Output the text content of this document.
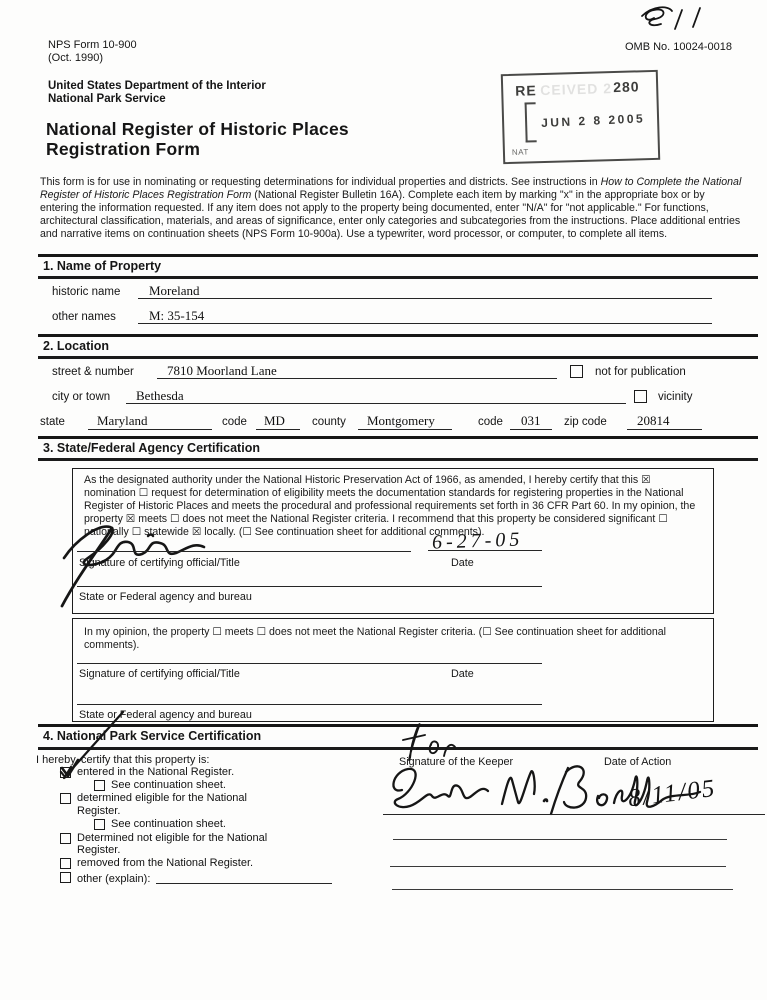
NPS Form 10-900
(Oct. 1990)
OMB No. 10024-0018
United States Department of the Interior
National Park Service
National Register of Historic Places
Registration Form
RE CEIVED 2 280
JUN 2 8 2005
NAT
This form is for use in nominating or requesting determinations for individual properties and districts. See instructions in How to Complete the National Register of Historic Places Registration Form (National Register Bulletin 16A). Complete each item by marking "x" in the appropriate box or by entering the information requested. If any item does not apply to the property being documented, enter "N/A" for "not applicable." For functions, architectural classification, materials, and areas of significance, enter only categories and subcategories from the instructions. Place additional entries and narrative items on continuation sheets (NPS Form 10-900a). Use a typewriter, word processor, or computer, to complete all items.
1. Name of Property
historic name Moreland
other names	M: 35-154
2. Location
street & number	7810 Moorland Lane	not for publication
city or town Bethesda	vicinity
state Maryland	code MD county Montgomery	code 031 zip code 20814
3. State/Federal Agency Certification
As the designated authority under the National Historic Preservation Act of 1966, as amended, I hereby certify that this ☒ nomination ☐ request for determination of eligibility meets the documentation standards for registering properties in the National Register of Historic Places and meets the procedural and professional requirements set forth in 36 CFR Part 60. In my opinion, the property ☒ meets ☐ does not meet the National Register criteria. I recommend that this property be considered significant ☐ nationally ☐ statewide ☒ locally. (☐ See continuation sheet for additional comments).
6-27-05
Signature of certifying official/Title	Date
State or Federal agency and bureau
In my opinion, the property ☐ meets ☐ does not meet the National Register criteria. (☐ See continuation sheet for additional comments).
Signature of certifying official/Title	Date
State or Federal agency and bureau
4. National Park Service Certification
I hereby, certify that this property is:
entered in the National Register.
See continuation sheet.
determined eligible for the National Register.
See continuation sheet.
Determined not eligible for the National Register.
removed from the National Register.
other (explain):
Signature of the Keeper	Date of Action
8/11/05
